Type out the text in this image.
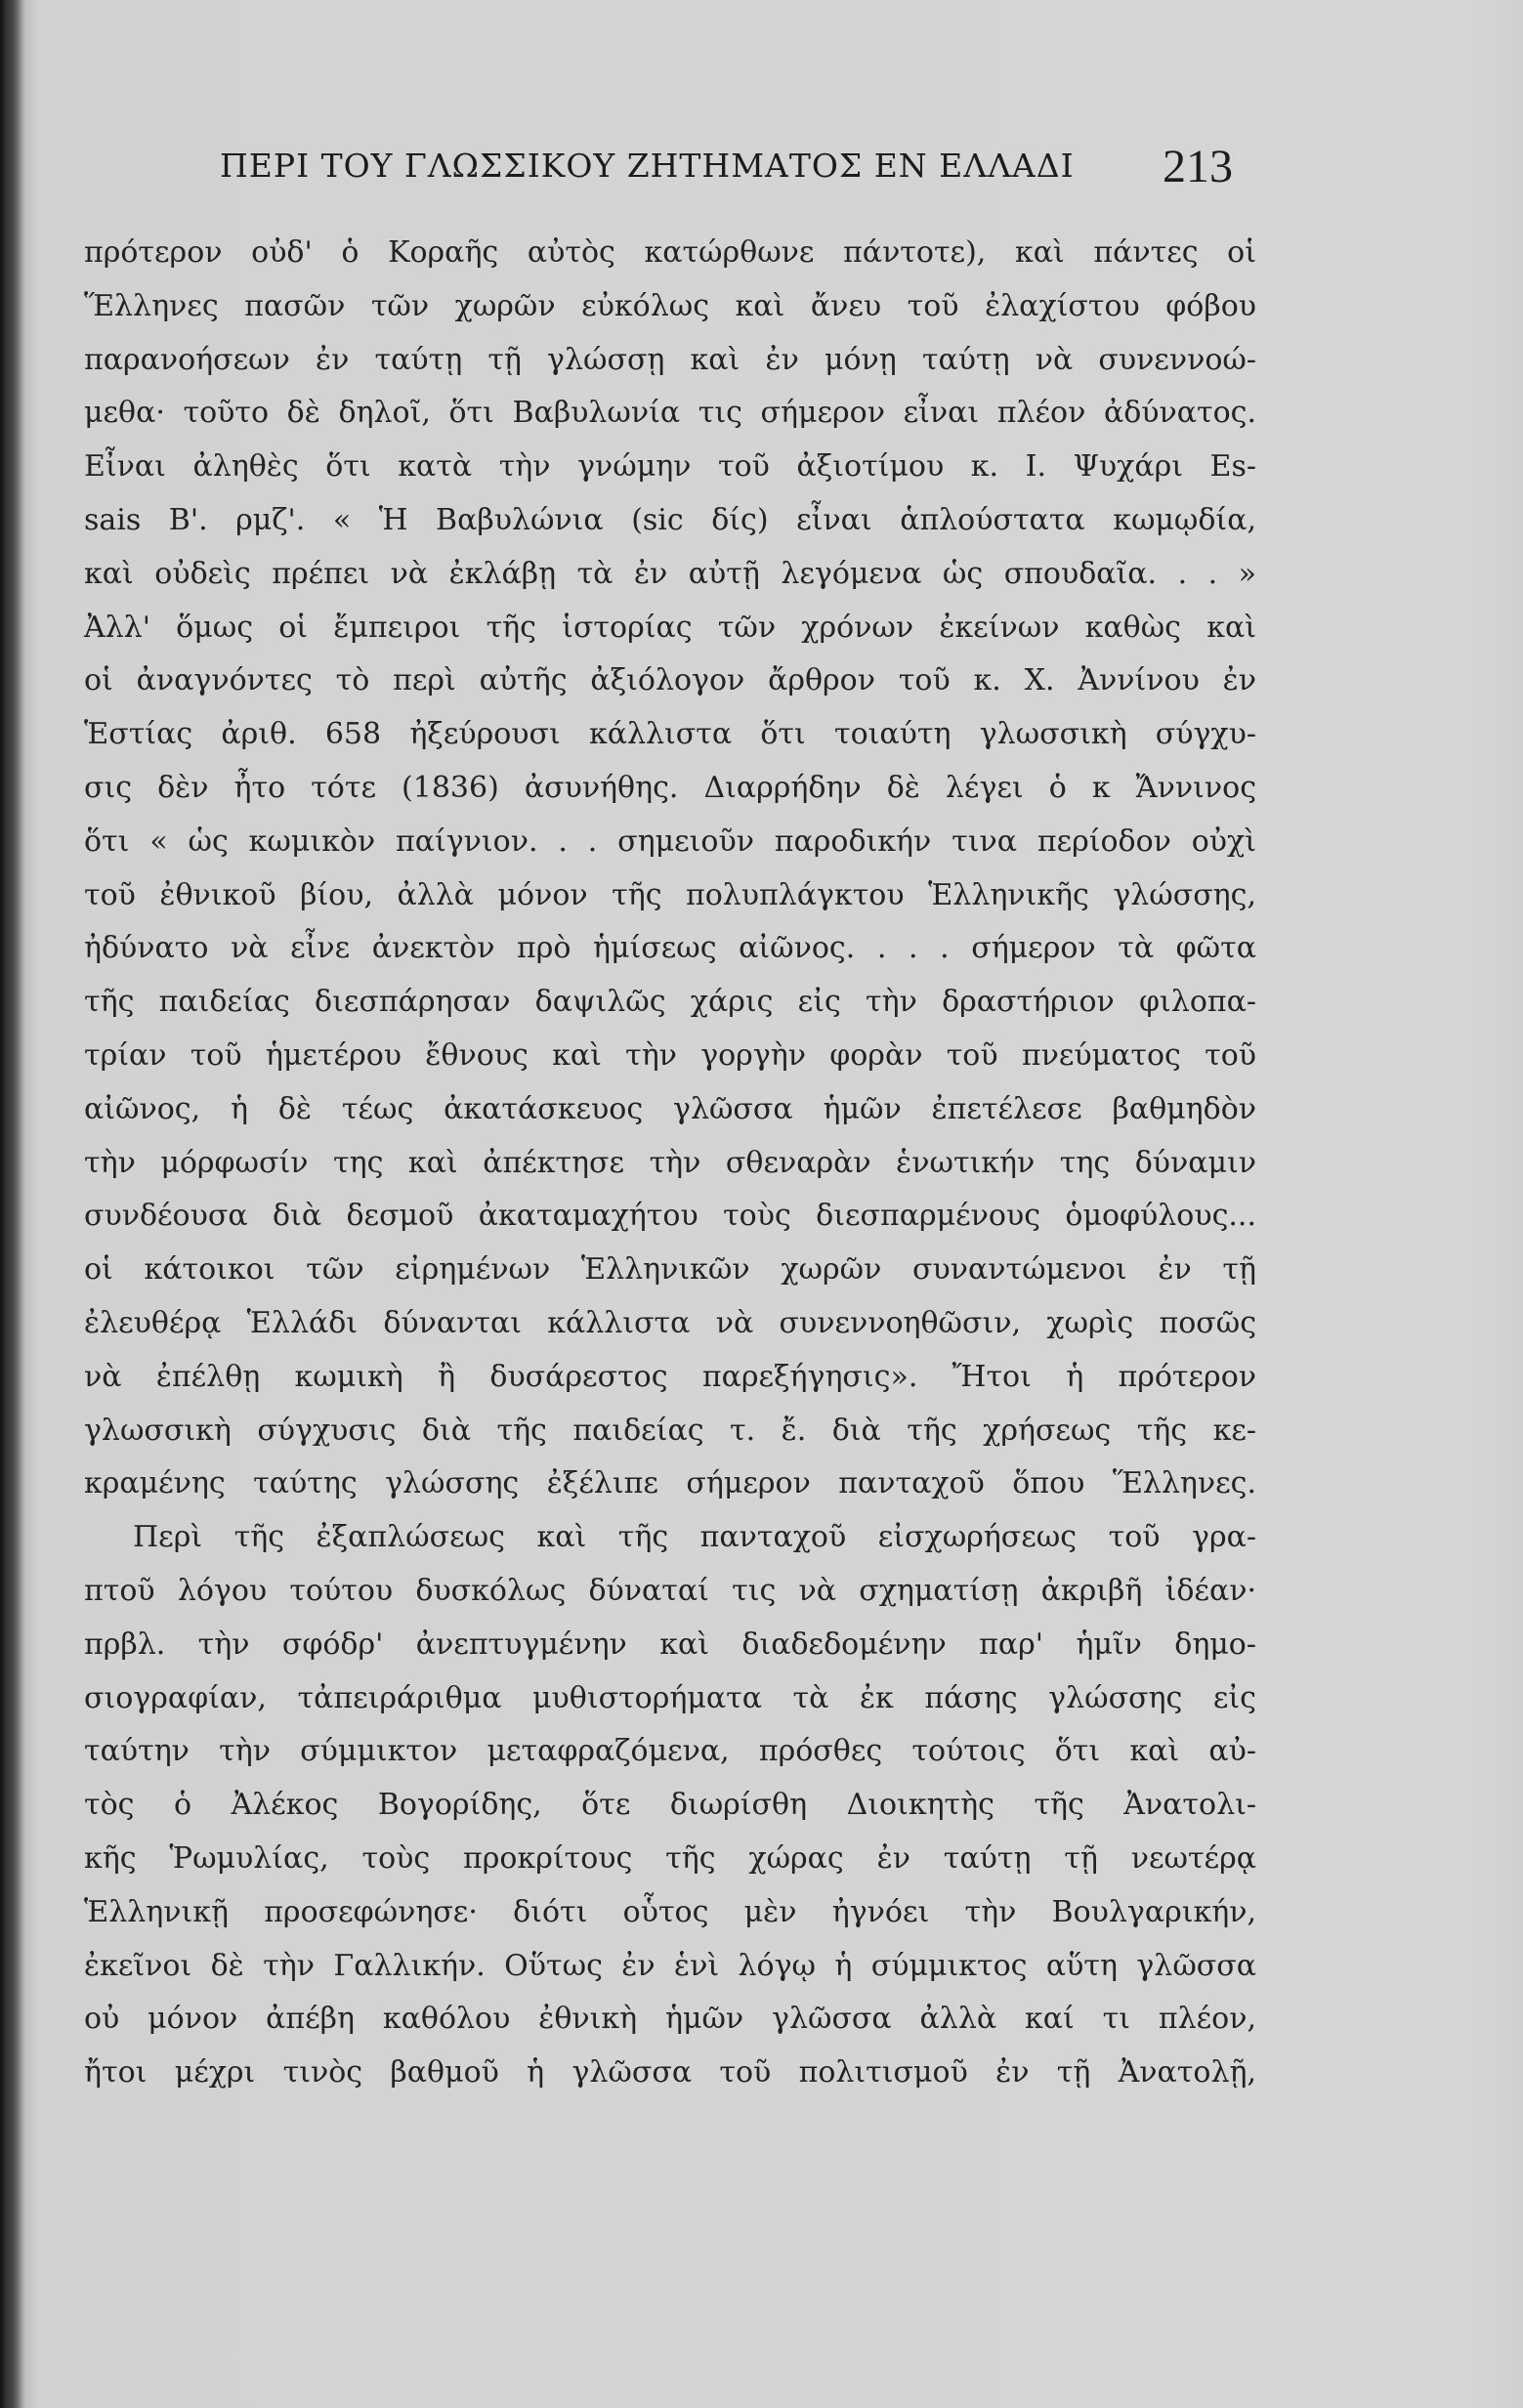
ΠΕΡΙ ΤΟΥ ΓΛΩΣΣΙΚΟΥ ΖΗΤΗΜΑΤΟΣ ΕΝ ΕΛΛΑΔΙ	213
πρότερον οὐδ' ὁ Κοραῆς αὐτὸς κατώρθωνε πάντοτε), καὶ πάντες οἱ
Ἕλληνες πασῶν τῶν χωρῶν εὐκόλως καὶ ἄνευ τοῦ ἐλαχίστου φόβου
παρανοήσεων ἐν ταύτῃ τῇ γλώσσῃ καὶ ἐν μόνῃ ταύτῃ νὰ συνεννοώ-
μεθα· τοῦτο δὲ δηλοῖ, ὅτι Βαβυλωνία τις σήμερον εἶναι πλέον ἀδύνατος.
Εἶναι ἀληθὲς ὅτι κατὰ τὴν γνώμην τοῦ ἀξιοτίμου κ. Ι. Ψυχάρι Es-
sais Β'. ρμζ'. « Ἡ Βαβυλώνια (sic δίς) εἶναι ἁπλούστατα κωμῳδία,
καὶ οὐδεὶς πρέπει νὰ ἐκλάβῃ τὰ ἐν αὐτῇ λεγόμενα ὡς σπουδαῖα. . . »
Ἀλλ' ὅμως οἱ ἔμπειροι τῆς ἱστορίας τῶν χρόνων ἐκείνων καθὼς καὶ
οἱ ἀναγνόντες τὸ περὶ αὐτῆς ἀξιόλογον ἄρθρον τοῦ κ. Χ. Ἀννίνου ἐν
Ἑστίας ἀριθ. 658 ἠξεύρουσι κάλλιστα ὅτι τοιαύτη γλωσσικὴ σύγχυ-
σις δὲν ἦτο τότε (1836) ἀσυνήθης. Διαρρήδην δὲ λέγει ὁ κ Ἄννινος
ὅτι « ὡς κωμικὸν παίγνιον. . . σημειοῦν παροδικήν τινα περίοδον οὐχὶ
τοῦ ἐθνικοῦ βίου, ἀλλὰ μόνον τῆς πολυπλάγκτου Ἑλληνικῆς γλώσσης,
ἠδύνατο νὰ εἶνε ἀνεκτὸν πρὸ ἡμίσεως αἰῶνος. . . . σήμερον τὰ φῶτα
τῆς παιδείας διεσπάρησαν δαψιλῶς χάρις εἰς τὴν δραστήριον φιλοπα-
τρίαν τοῦ ἡμετέρου ἔθνους καὶ τὴν γοργὴν φορὰν τοῦ πνεύματος τοῦ
αἰῶνος, ἡ δὲ τέως ἀκατάσκευος γλῶσσα ἡμῶν ἐπετέλεσε βαθμηδὸν
τὴν μόρφωσίν της καὶ ἀπέκτησε τὴν σθεναρὰν ἑνωτικήν της δύναμιν
συνδέουσα διὰ δεσμοῦ ἀκαταμαχήτου τοὺς διεσπαρμένους ὁμοφύλους...
οἱ κάτοικοι τῶν εἰρημένων Ἑλληνικῶν χωρῶν συναντώμενοι ἐν τῇ
ἐλευθέρᾳ Ἑλλάδι δύνανται κάλλιστα νὰ συνεννοηθῶσιν, χωρὶς ποσῶς
νὰ ἐπέλθῃ κωμικὴ ἢ δυσάρεστος παρεξήγησις». Ἤτοι ἡ πρότερον
γλωσσικὴ σύγχυσις διὰ τῆς παιδείας τ. ἔ. διὰ τῆς χρήσεως τῆς κε-
κραμένης ταύτης γλώσσης ἐξέλιπε σήμερον πανταχοῦ ὅπου Ἕλληνες.
Περὶ τῆς ἐξαπλώσεως καὶ τῆς πανταχοῦ εἰσχωρήσεως τοῦ γρα-
πτοῦ λόγου τούτου δυσκόλως δύναταί τις νὰ σχηματίσῃ ἀκριβῆ ἰδέαν·
πρβλ. τὴν σφόδρ' ἀνεπτυγμένην καὶ διαδεδομένην παρ' ἡμῖν δημο-
σιογραφίαν, τἀπειράριθμα μυθιστορήματα τὰ ἐκ πάσης γλώσσης εἰς
ταύτην τὴν σύμμικτον μεταφραζόμενα, πρόσθες τούτοις ὅτι καὶ αὐ-
τὸς ὁ Ἀλέκος Βογορίδης, ὅτε διωρίσθη Διοικητὴς τῆς Ἀνατολι-
κῆς Ῥωμυλίας, τοὺς προκρίτους τῆς χώρας ἐν ταύτῃ τῇ νεωτέρᾳ
Ἑλληνικῇ προσεφώνησε· διότι οὗτος μὲν ἠγνόει τὴν Βουλγαρικήν,
ἐκεῖνοι δὲ τὴν Γαλλικήν. Οὕτως ἐν ἑνὶ λόγῳ ἡ σύμμικτος αὕτη γλῶσσα
οὐ μόνον ἀπέβη καθόλου ἐθνικὴ ἡμῶν γλῶσσα ἀλλὰ καί τι πλέον,
ἤτοι μέχρι τινὸς βαθμοῦ ἡ γλῶσσα τοῦ πολιτισμοῦ ἐν τῇ Ἀνατολῇ,
